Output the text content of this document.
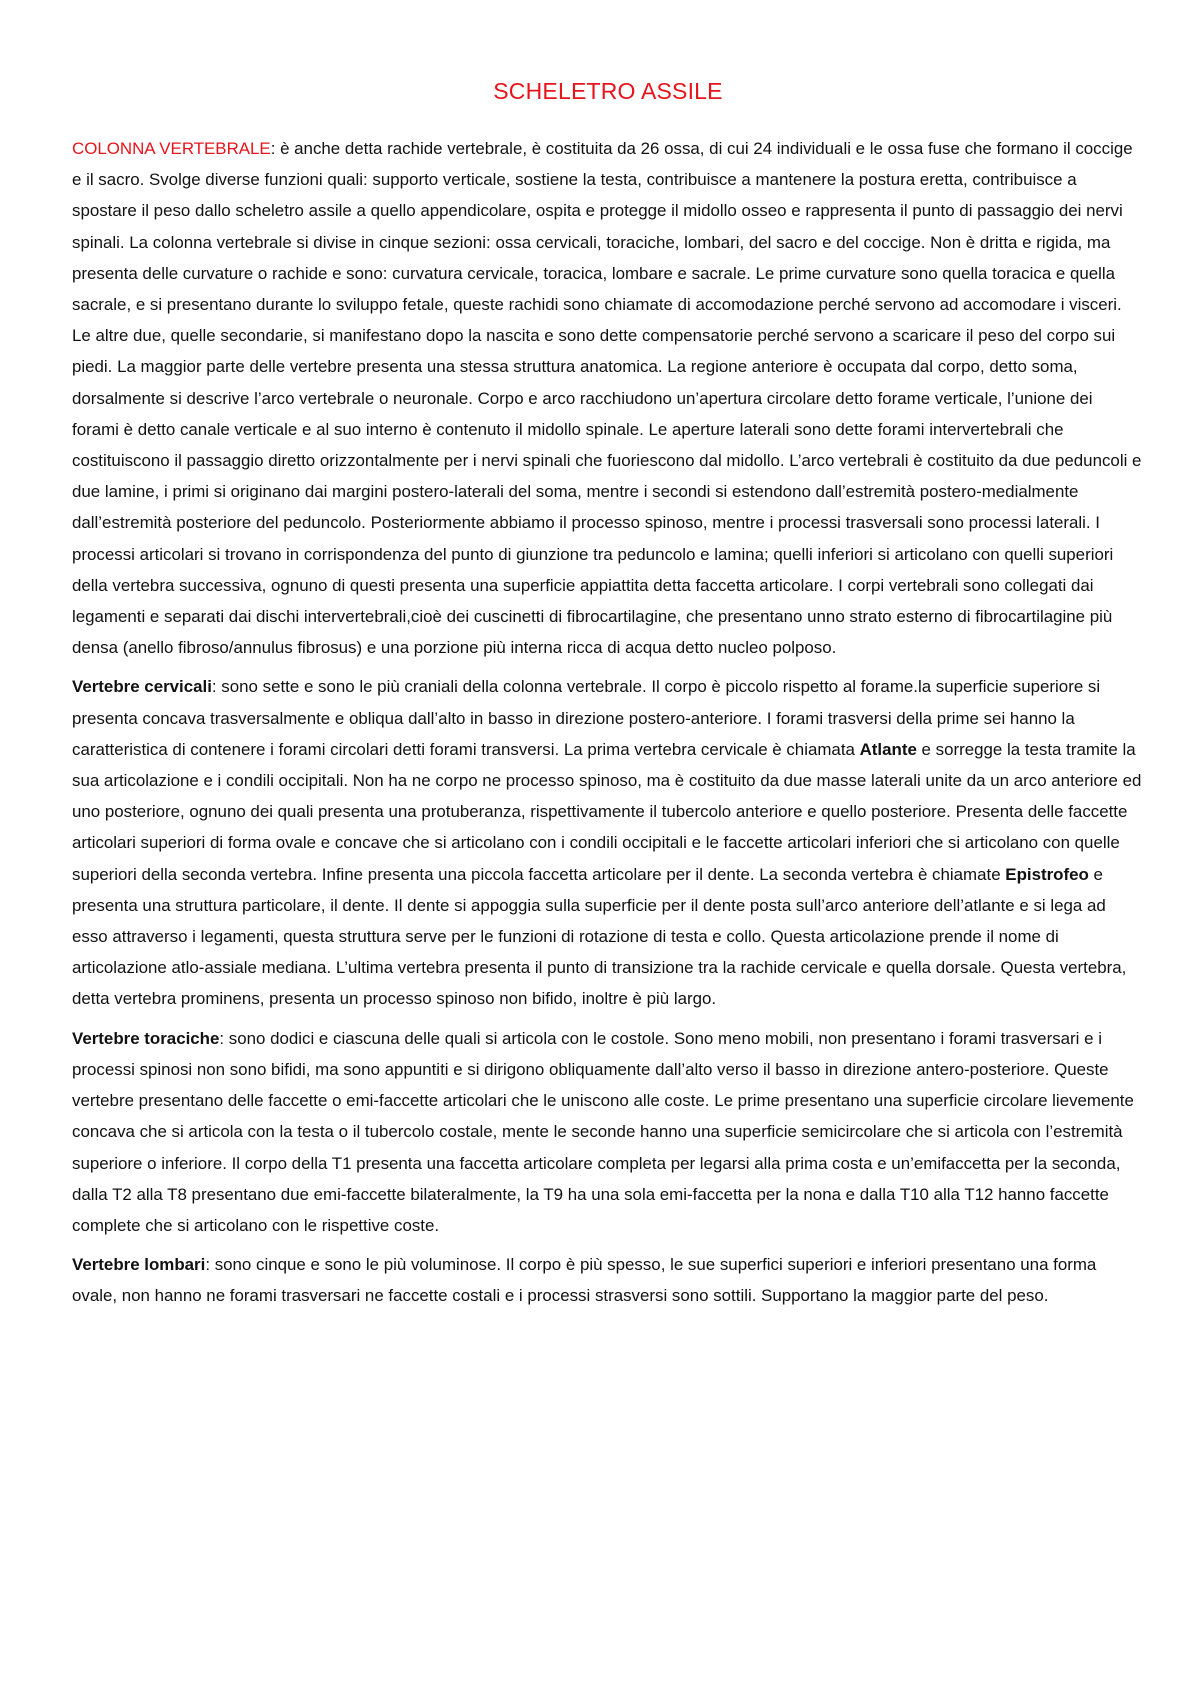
SCHELETRO ASSILE

COLONNA VERTEBRALE: è anche detta rachide vertebrale, è costituita da 26 ossa, di cui 24 individuali e le ossa fuse che formano il coccige e il sacro. Svolge diverse funzioni quali: supporto verticale, sostiene la testa, contribuisce a mantenere la postura eretta, contribuisce a spostare il peso dallo scheletro assile a quello appendicolare, ospita e protegge il midollo osseo e rappresenta il punto di passaggio dei nervi spinali. La colonna vertebrale si divise in cinque sezioni: ossa cervicali, toraciche, lombari, del sacro e del coccige. Non è dritta e rigida, ma presenta delle curvature o rachide e sono: curvatura cervicale, toracica, lombare e sacrale. Le prime curvature sono quella toracica e quella sacrale, e si presentano durante lo sviluppo fetale, queste rachidi sono chiamate di accomodazione perché servono ad accomodare i visceri. Le altre due, quelle secondarie, si manifestano dopo la nascita e sono dette compensatorie perché servono a scaricare il peso del corpo sui piedi. La maggior parte delle vertebre presenta una stessa struttura anatomica. La regione anteriore è occupata dal corpo, detto soma, dorsalmente si descrive l’arco vertebrale o neuronale. Corpo e arco racchiudono un’apertura circolare detto forame verticale, l’unione dei forami è detto canale verticale e al suo interno è contenuto il midollo spinale. Le aperture laterali sono dette forami intervertebrali che costituiscono il passaggio diretto orizzontalmente per i nervi spinali che fuoriescono dal midollo. L’arco vertebrali è costituito da due peduncoli e due lamine, i primi si originano dai margini postero-laterali del soma, mentre i secondi si estendono dall’estremità postero-medialmente dall’estremità posteriore del peduncolo. Posteriormente abbiamo il processo spinoso, mentre i processi trasversali sono processi laterali. I processi articolari si trovano in corrispondenza del punto di giunzione tra peduncolo e lamina; quelli inferiori si articolano con quelli superiori della vertebra successiva, ognuno di questi presenta una superficie appiattita detta faccetta articolare. I corpi vertebrali sono collegati dai legamenti e separati dai dischi intervertebrali,cioè dei cuscinetti di fibrocartilagine, che presentano unno strato esterno di fibrocartilagine più densa (anello fibroso/annulus fibrosus) e una porzione più interna ricca di acqua detto nucleo polposo.

Vertebre cervicali: sono sette e sono le più craniali della colonna vertebrale. Il corpo è piccolo rispetto al forame.la superficie superiore si presenta concava trasversalmente e obliqua dall’alto in basso in direzione postero-anteriore. I forami trasversi della prime sei hanno la caratteristica di contenere i forami circolari detti forami transversi. La prima vertebra cervicale è chiamata Atlante e sorregge la testa tramite la sua articolazione e i condili occipitali. Non ha ne corpo ne processo spinoso, ma è costituito da due masse laterali unite da un arco anteriore ed uno posteriore, ognuno dei quali presenta una protuberanza, rispettivamente il tubercolo anteriore e quello posteriore. Presenta delle faccette articolari superiori di forma ovale e concave che si articolano con i condili occipitali e le faccette articolari inferiori che si articolano con quelle superiori della seconda vertebra. Infine presenta una piccola faccetta articolare per il dente. La seconda vertebra è chiamate Epistrofeo e presenta una struttura particolare, il dente. Il dente si appoggia sulla superficie per il dente posta sull’arco anteriore dell’atlante e si lega ad esso attraverso i legamenti, questa struttura serve per le funzioni di rotazione di testa e collo. Questa articolazione prende il nome di articolazione atlo-assiale mediana. L’ultima vertebra presenta il punto di transizione tra la rachide cervicale e quella dorsale. Questa vertebra, detta vertebra prominens, presenta un processo spinoso non bifido, inoltre è più largo.

Vertebre toraciche: sono dodici e ciascuna delle quali si articola con le costole. Sono meno mobili, non presentano i forami trasversari e i processi spinosi non sono bifidi, ma sono appuntiti e si dirigono obliquamente dall’alto verso il basso in direzione antero-posteriore. Queste vertebre presentano delle faccette o emi-faccette articolari che le uniscono alle coste. Le prime presentano una superficie circolare lievemente concava che si articola con la testa o il tubercolo costale, mente le seconde hanno una superficie semicircolare che si articola con l’estremità superiore o inferiore. Il corpo della T1 presenta una faccetta articolare completa per legarsi alla prima costa e un’emifaccetta per la seconda, dalla T2 alla T8 presentano due emi-faccette bilateralmente, la T9 ha una sola emi-faccetta per la nona e dalla T10 alla T12 hanno faccette complete che si articolano con le rispettive coste.

Vertebre lombari: sono cinque e sono le più voluminose. Il corpo è più spesso, le sue superfici superiori e inferiori presentano una forma ovale, non hanno ne forami trasversari ne faccette costali e i processi strasversi sono sottili. Supportano la maggior parte del peso.
